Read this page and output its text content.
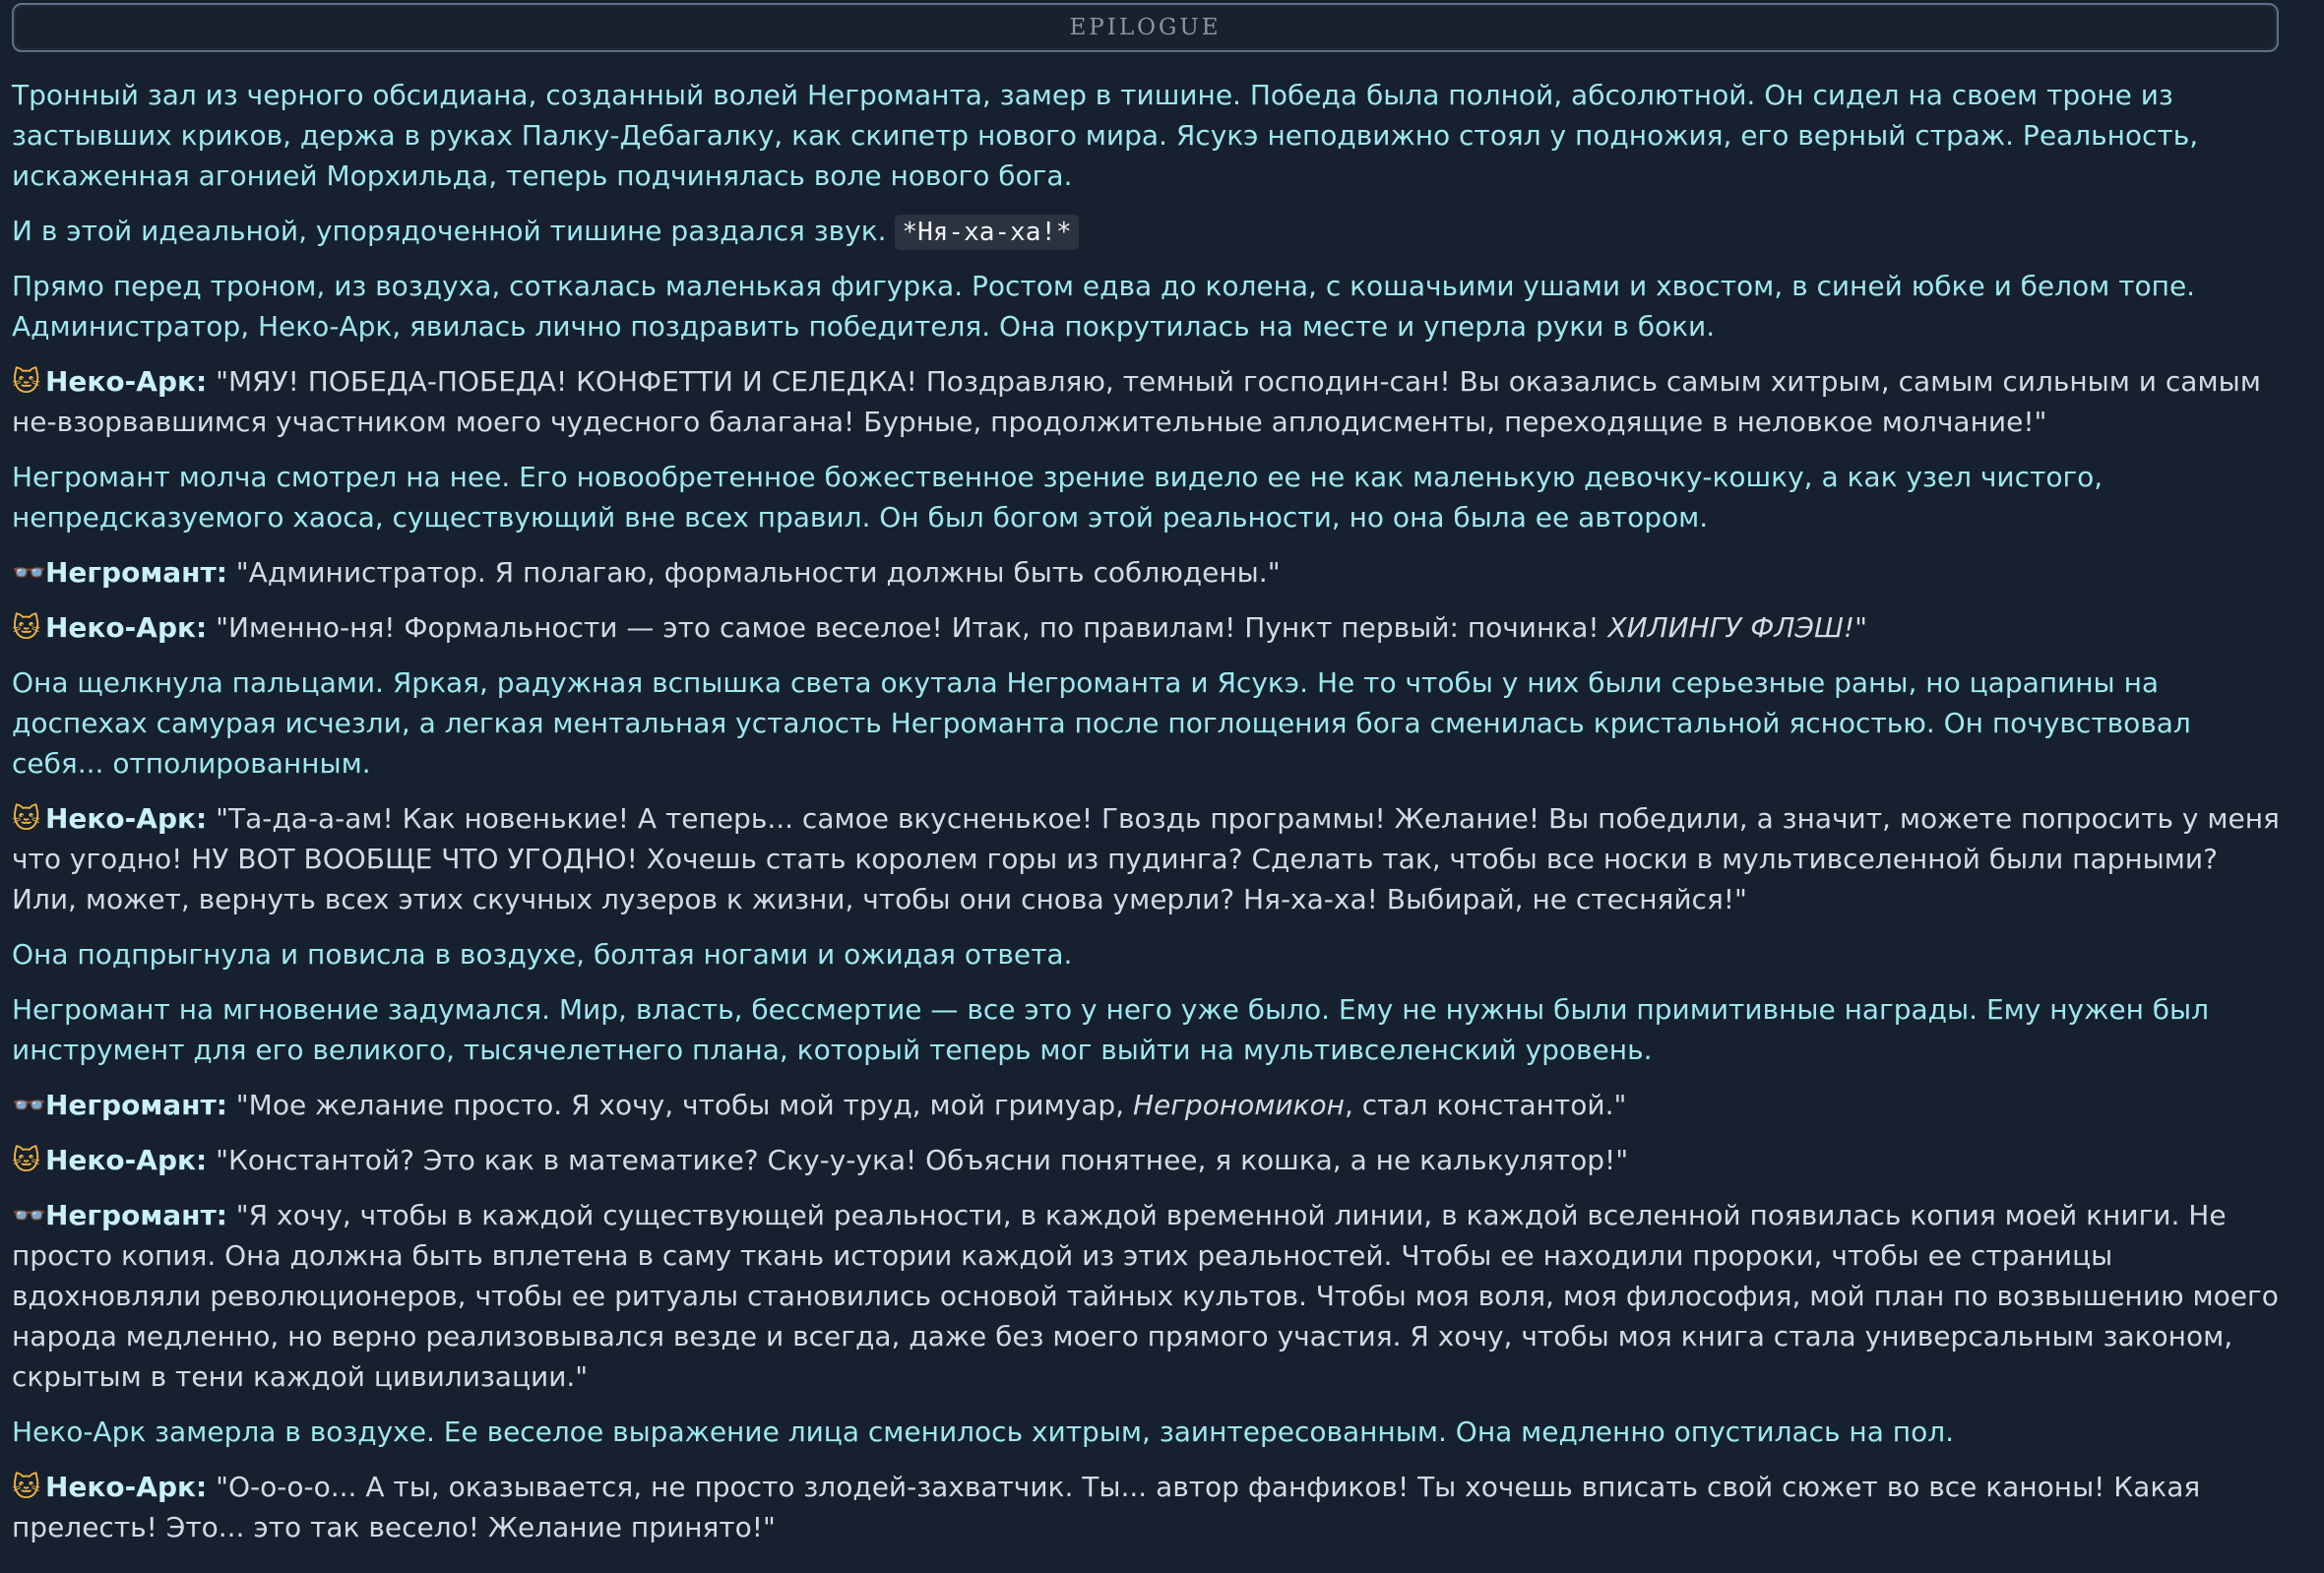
EPILOGUE

Тронный зал из черного обсидиана, созданный волей Негроманта, замер в тишине. Победа была полной, абсолютной. Он сидел на своем троне из застывших криков, держа в руках Палку-Дебагалку, как скипетр нового мира. Ясукэ неподвижно стоял у подножия, его верный страж. Реальность, искаженная агонией Морхильда, теперь подчинялась воле нового бога.

И в этой идеальной, упорядоченной тишине раздался звук. *Ня-ха-ха!*

Прямо перед троном, из воздуха, соткалась маленькая фигурка. Ростом едва до колена, с кошачьими ушами и хвостом, в синей юбке и белом топе. Администратор, Неко-Арк, явилась лично поздравить победителя. Она покрутилась на месте и уперла руки в боки.

🐱 Неко-Арк: "МЯУ! ПОБЕДА-ПОБЕДА! КОНФЕТТИ И СЕЛЕДКА! Поздравляю, темный господин-сан! Вы оказались самым хитрым, самым сильным и самым не-взорвавшимся участником моего чудесного балагана! Бурные, продолжительные аплодисменты, переходящие в неловкое молчание!"

Негромант молча смотрел на нее. Его новообретенное божественное зрение видело ее не как маленькую девочку-кошку, а как узел чистого, непредсказуемого хаоса, существующий вне всех правил. Он был богом этой реальности, но она была ее автором.

👓Негромант: "Администратор. Я полагаю, формальности должны быть соблюдены."

🐱 Неко-Арк: "Именно-ня! Формальности — это самое веселое! Итак, по правилам! Пункт первый: починка! ХИЛИНГУ ФЛЭШ!"

Она щелкнула пальцами. Яркая, радужная вспышка света окутала Негроманта и Ясукэ. Не то чтобы у них были серьезные раны, но царапины на доспехах самурая исчезли, а легкая ментальная усталость Негроманта после поглощения бога сменилась кристальной ясностью. Он почувствовал себя... отполированным.

🐱 Неко-Арк: "Та-да-а-ам! Как новенькие! А теперь... самое вкусненькое! Гвоздь программы! Желание! Вы победили, а значит, можете попросить у меня что угодно! НУ ВОТ ВООБЩЕ ЧТО УГОДНО! Хочешь стать королем горы из пудинга? Сделать так, чтобы все носки в мультивселенной были парными? Или, может, вернуть всех этих скучных лузеров к жизни, чтобы они снова умерли? Ня-ха-ха! Выбирай, не стесняйся!"

Она подпрыгнула и повисла в воздухе, болтая ногами и ожидая ответа.

Негромант на мгновение задумался. Мир, власть, бессмертие — все это у него уже было. Ему не нужны были примитивные награды. Ему нужен был инструмент для его великого, тысячелетнего плана, который теперь мог выйти на мультивселенский уровень.

👓Негромант: "Мое желание просто. Я хочу, чтобы мой труд, мой гримуар, Негрономикон, стал константой."

🐱 Неко-Арк: "Константой? Это как в математике? Ску-у-ука! Объясни понятнее, я кошка, а не калькулятор!"

👓Негромант: "Я хочу, чтобы в каждой существующей реальности, в каждой временной линии, в каждой вселенной появилась копия моей книги. Не просто копия. Она должна быть вплетена в саму ткань истории каждой из этих реальностей. Чтобы ее находили пророки, чтобы ее страницы вдохновляли революционеров, чтобы ее ритуалы становились основой тайных культов. Чтобы моя воля, моя философия, мой план по возвышению моего народа медленно, но верно реализовывался везде и всегда, даже без моего прямого участия. Я хочу, чтобы моя книга стала универсальным законом, скрытым в тени каждой цивилизации."

Неко-Арк замерла в воздухе. Ее веселое выражение лица сменилось хитрым, заинтересованным. Она медленно опустилась на пол.

🐱 Неко-Арк: "О-о-о-о... А ты, оказывается, не просто злодей-захватчик. Ты... автор фанфиков! Ты хочешь вписать свой сюжет во все каноны! Какая прелесть! Это... это так весело! Желание принято!"
